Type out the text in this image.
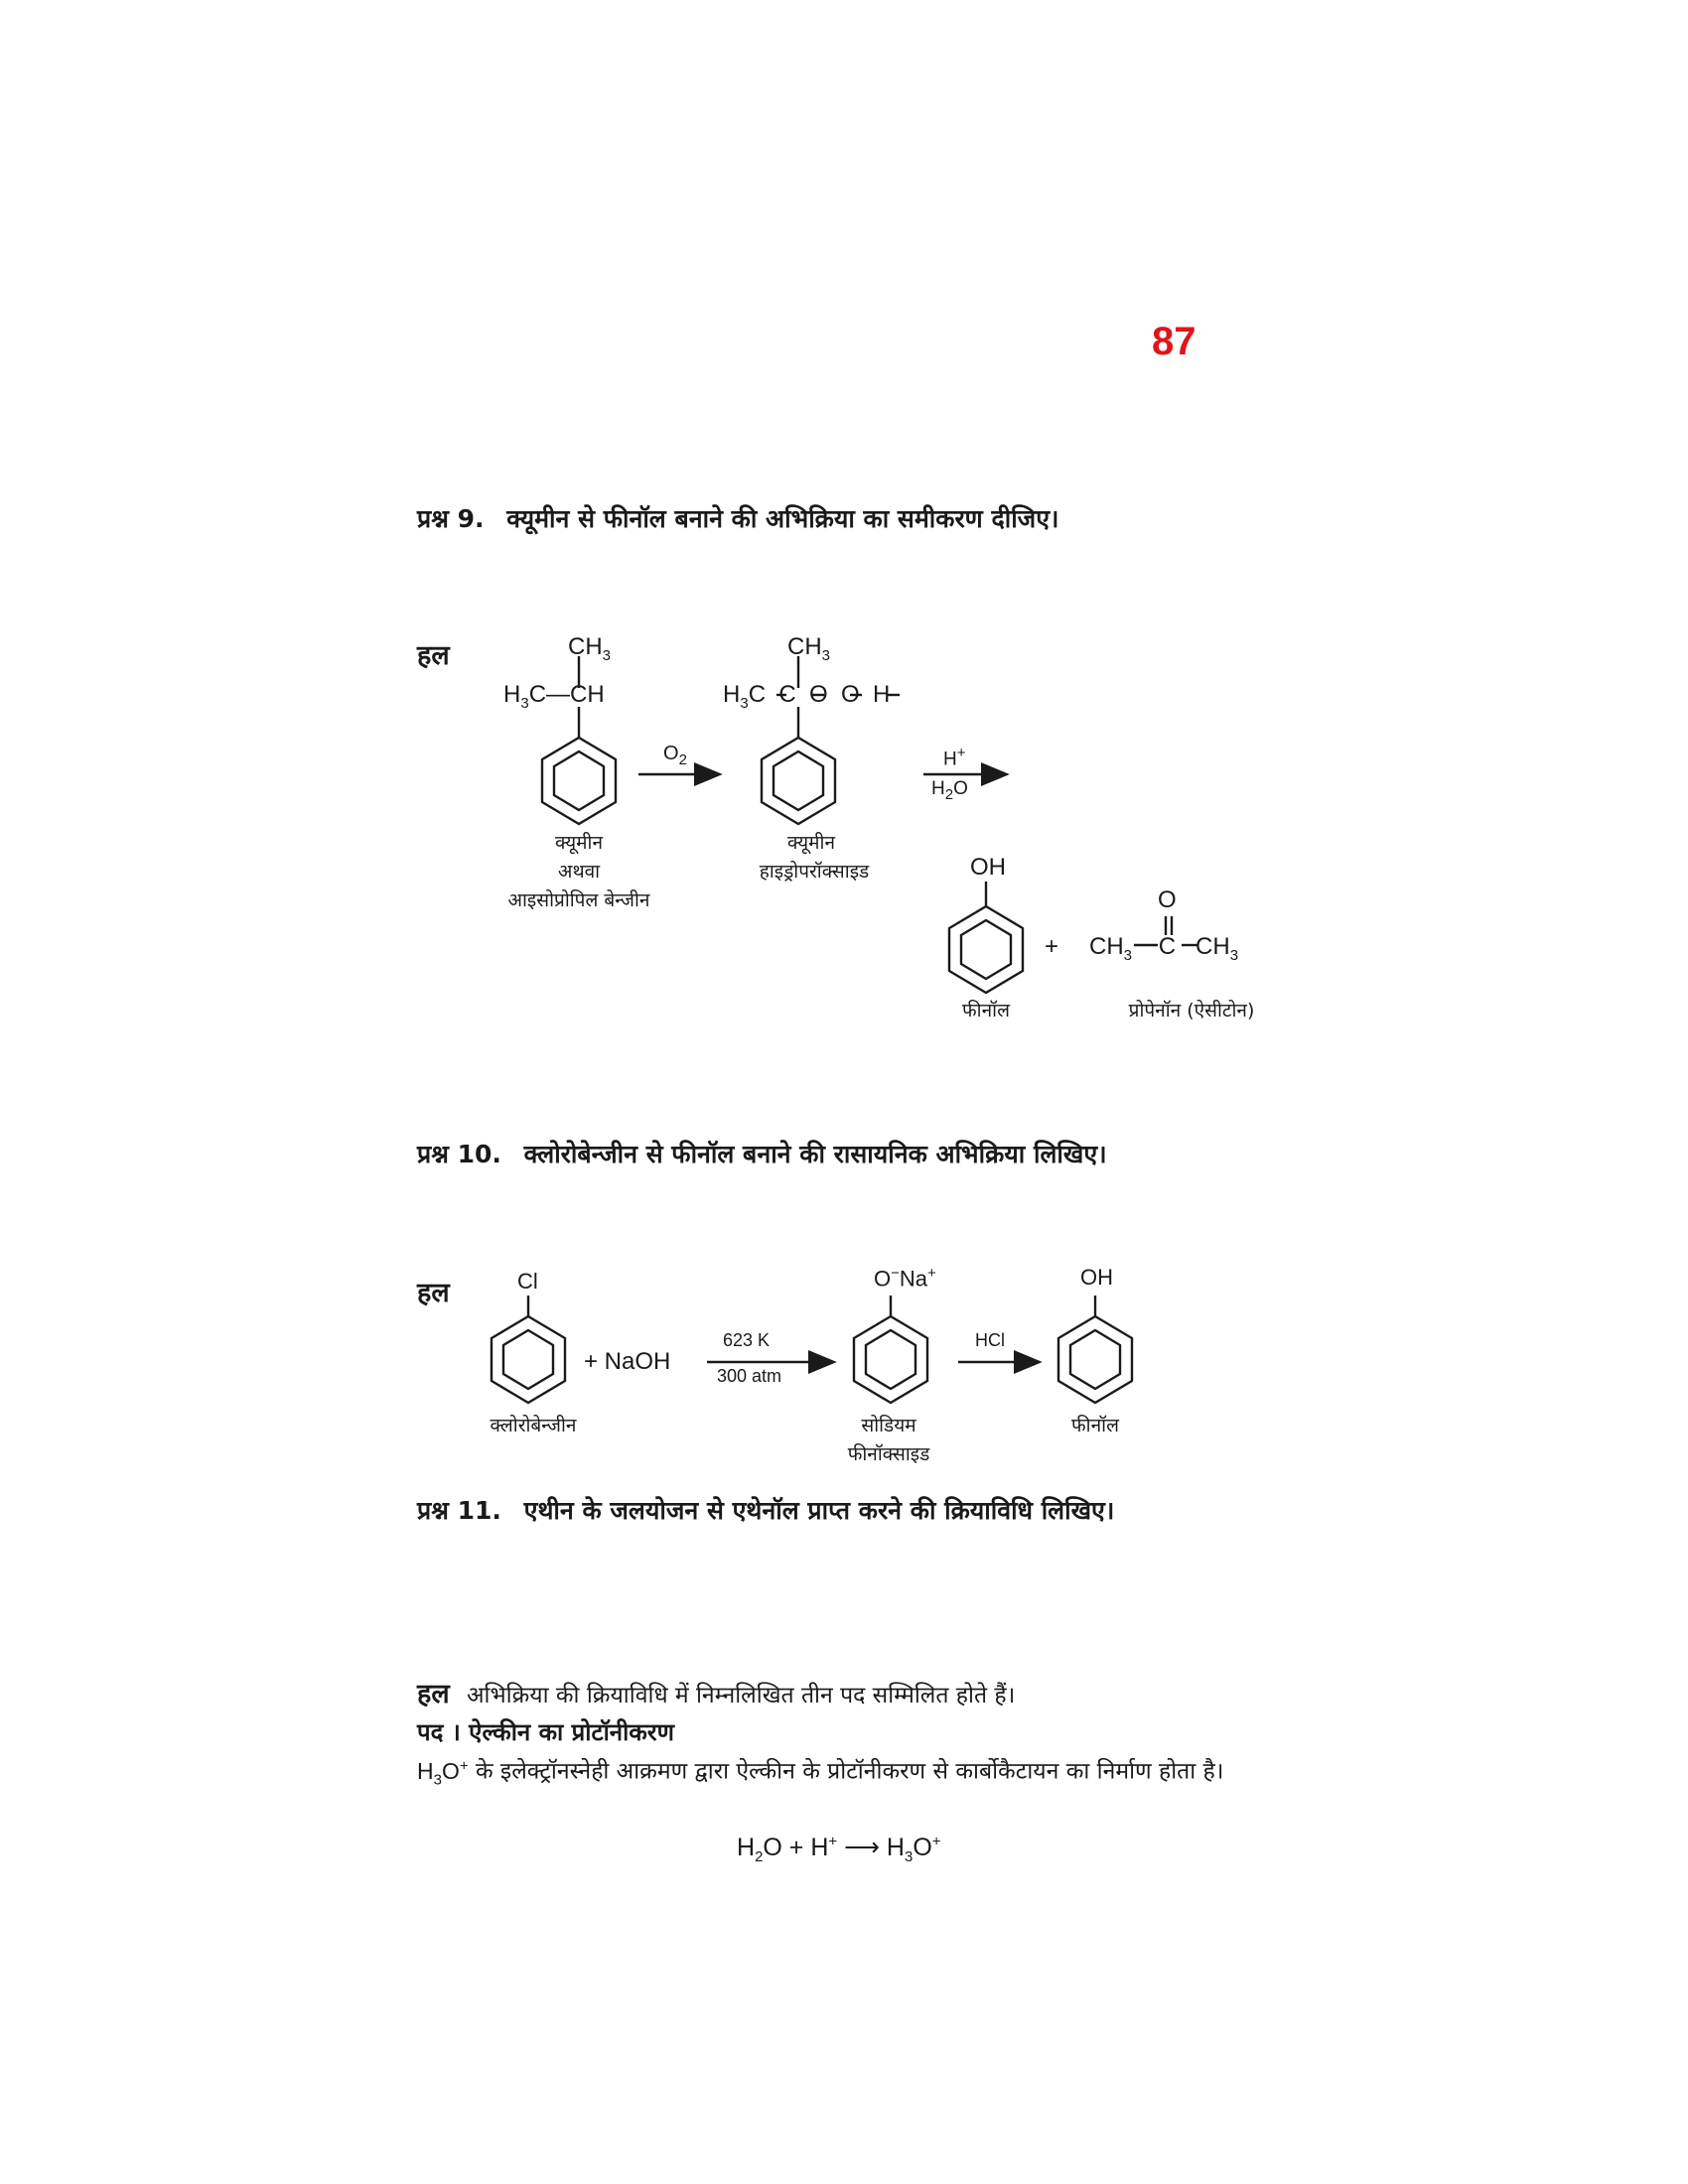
87
प्रश्न 9. क्यूमीन से फीनॉल बनाने की अभिक्रिया का समीकरण दीजिए।
हल	$CH_3$
$H_3C—CH$
क्यूमीन
अथवा
आइसोप्रोपिल बेन्जीन
$O_2$
$CH_3$
$H_3C$  C  O  O  H
क्यूमीन
हाइड्रोपरॉक्साइड
H+
$H_2O$
OH
+
O
$CH_3$    C   $CH_3$
फीनॉल	प्रोपेनॉन (ऐसीटोन)
प्रश्न 10. क्लोरोबेन्जीन से फीनॉल बनाने की रासायनिक अभिक्रिया लिखिए।
हल	Cl
+ NaOH
623 K
300 atm
क्लोरोबेन्जीन
O−Na+
सोडियम
फीनॉक्साइड
HCl
OH
फीनॉल
प्रश्न 11. एथीन के जलयोजन से एथेनॉल प्राप्त करने की क्रियाविधि लिखिए।
हल अभिक्रिया की क्रियाविधि में निम्नलिखित तीन पद सम्मिलित होते हैं।
पद । ऐल्कीन का प्रोटॉनीकरण
$H_3O^+$ के इलेक्ट्रॉनस्नेही आक्रमण द्वारा ऐल्कीन के प्रोटॉनीकरण से कार्बोकैटायन का निर्माण होता है।
$H_2O + H^+$ ⟶ $H_3O^+$
